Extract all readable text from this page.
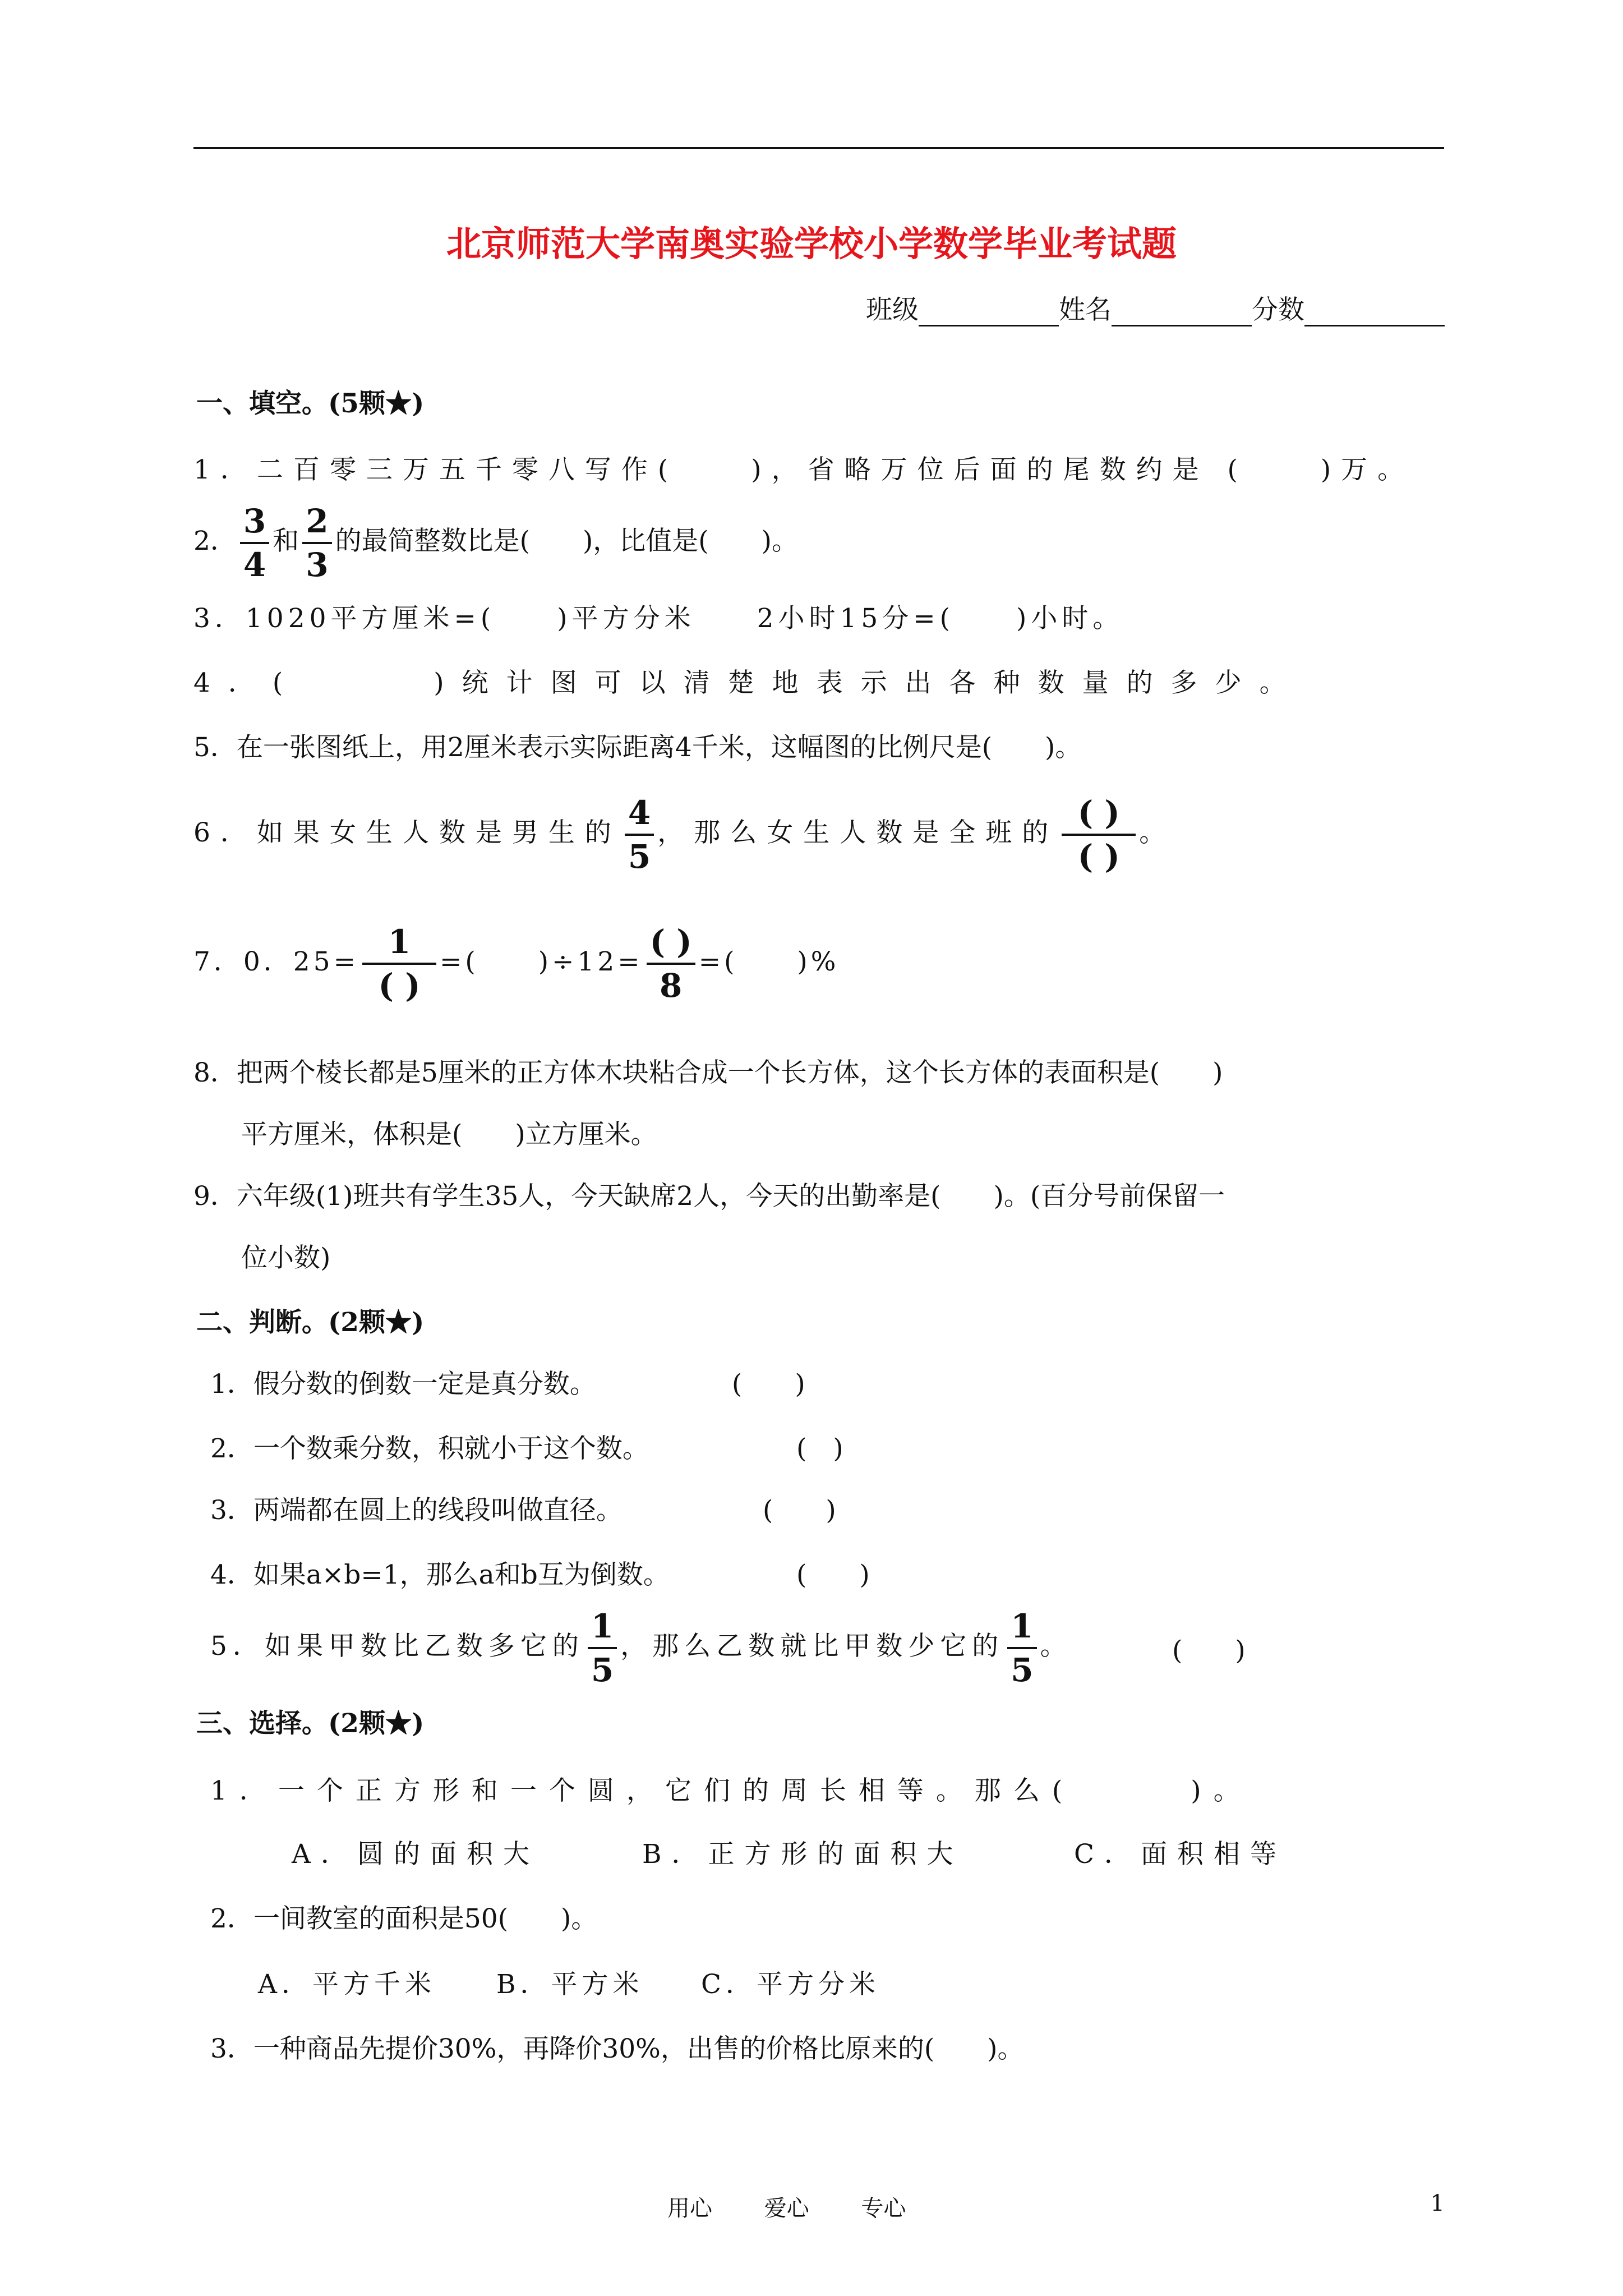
北京师范大学南奥实验学校小学数学毕业考试题
班级	姓名	分数
一、填空。(5颗★)
1．二百零三万五千零八写作(　　)，省略万位后面的尾数约是 (　　)万。
2． $\frac{3}{4}$ 和 $\frac{2}{3}$ 的最简整数比是(　　)，比值是(　　)。
3．1020平方厘米=(　　)平方分米　　2小时15分=(　　)小时。
4．(　　　)统计图可以清楚地表示出各种数量的多少。
5．在一张图纸上，用2厘米表示实际距离4千米，这幅图的比例尺是(　　)。
6．如果女生人数是男生的 $\frac{4}{5}$ ，那么女生人数是全班的 $\frac{( )}{( )}$ 。
7．0．$25= \frac{1}{( )}$ =(　　)$\div 12= \frac{( )}{8}$ =(　　)%
8．把两个棱长都是5厘米的正方体木块粘合成一个长方体，这个长方体的表面积是(　　)
平方厘米，体积是(　　)立方厘米。
9．六年级(1)班共有学生35人，今天缺席2人，今天的出勤率是(　　)。(百分号前保留一
位小数)
二、判断。(2颗★)
1．假分数的倒数一定是真分数。	(　　)
2．一个数乘分数，积就小于这个数。	(　)
3．两端都在圆上的线段叫做直径。	(　　)
4．如果a×b=1，那么a和b互为倒数。	(　　)
5．如果甲数比乙数多它的 $\frac{1}{5}$ ，那么乙数就比甲数少它的 $\frac{1}{5}$ 。	(　　)
三、选择。(2颗★)
1．一个正方形和一个圆，它们的周长相等。那么(　　　)。
A．圆的面积大	B．正方形的面积大	C．面积相等
2．一间教室的面积是50(　　)。
A．平方千米 B．平方米 C．平方分米
3．一种商品先提价30%，再降价30%，出售的价格比原来的(　　)。
用心 爱心 专心	1
